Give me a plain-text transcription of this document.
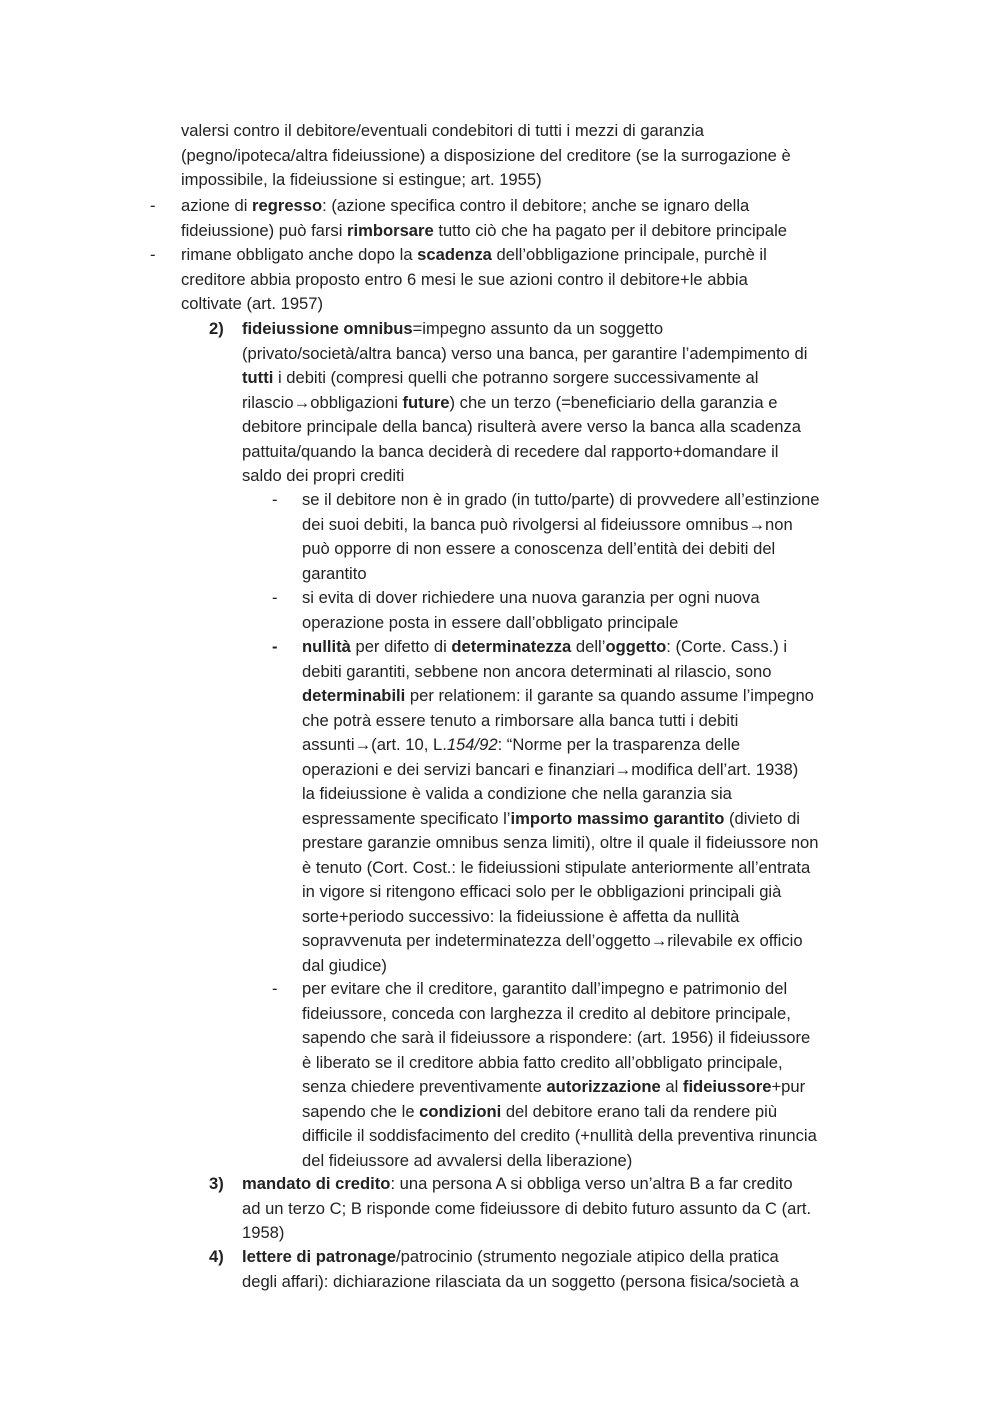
valersi contro il debitore/eventuali condebitori di tutti i mezzi di garanzia
(pegno/ipoteca/altra fideiussione) a disposizione del creditore (se la surrogazione è
impossibile, la fideiussione si estingue; art. 1955)
- azione di regresso: (azione specifica contro il debitore; anche se ignaro della
fideiussione) può farsi rimborsare tutto ciò che ha pagato per il debitore principale
- rimane obbligato anche dopo la scadenza dell’obbligazione principale, purchè il
creditore abbia proposto entro 6 mesi le sue azioni contro il debitore+le abbia
coltivate (art. 1957)
2) fideiussione omnibus=impegno assunto da un soggetto
(privato/società/altra banca) verso una banca, per garantire l’adempimento di
tutti i debiti (compresi quelli che potranno sorgere successivamente al
rilascio→obbligazioni future) che un terzo (=beneficiario della garanzia e
debitore principale della banca) risulterà avere verso la banca alla scadenza
pattuita/quando la banca deciderà di recedere dal rapporto+domandare il
saldo dei propri crediti
- se il debitore non è in grado (in tutto/parte) di provvedere all’estinzione
dei suoi debiti, la banca può rivolgersi al fideiussore omnibus→non
può opporre di non essere a conoscenza dell’entità dei debiti del
garantito
- si evita di dover richiedere una nuova garanzia per ogni nuova
operazione posta in essere dall’obbligato principale
- nullità per difetto di determinatezza dell’oggetto: (Corte. Cass.) i
debiti garantiti, sebbene non ancora determinati al rilascio, sono
determinabili per relationem: il garante sa quando assume l’impegno
che potrà essere tenuto a rimborsare alla banca tutti i debiti
assunti→(art. 10, L.154/92: “Norme per la trasparenza delle
operazioni e dei servizi bancari e finanziari→modifica dell’art. 1938)
la fideiussione è valida a condizione che nella garanzia sia
espressamente specificato l’importo massimo garantito (divieto di
prestare garanzie omnibus senza limiti), oltre il quale il fideiussore non
è tenuto (Cort. Cost.: le fideiussioni stipulate anteriormente all’entrata
in vigore si ritengono efficaci solo per le obbligazioni principali già
sorte+periodo successivo: la fideiussione è affetta da nullità
sopravvenuta per indeterminatezza dell’oggetto→rilevabile ex officio
dal giudice)
- per evitare che il creditore, garantito dall’impegno e patrimonio del
fideiussore, conceda con larghezza il credito al debitore principale,
sapendo che sarà il fideiussore a rispondere: (art. 1956) il fideiussore
è liberato se il creditore abbia fatto credito all’obbligato principale,
senza chiedere preventivamente autorizzazione al fideiussore+pur
sapendo che le condizioni del debitore erano tali da rendere più
difficile il soddisfacimento del credito (+nullità della preventiva rinuncia
del fideiussore ad avvalersi della liberazione)
3) mandato di credito: una persona A si obbliga verso un’altra B a far credito
ad un terzo C; B risponde come fideiussore di debito futuro assunto da C (art.
1958)
4) lettere di patronage/patrocinio (strumento negoziale atipico della pratica
degli affari): dichiarazione rilasciata da un soggetto (persona fisica/società a
